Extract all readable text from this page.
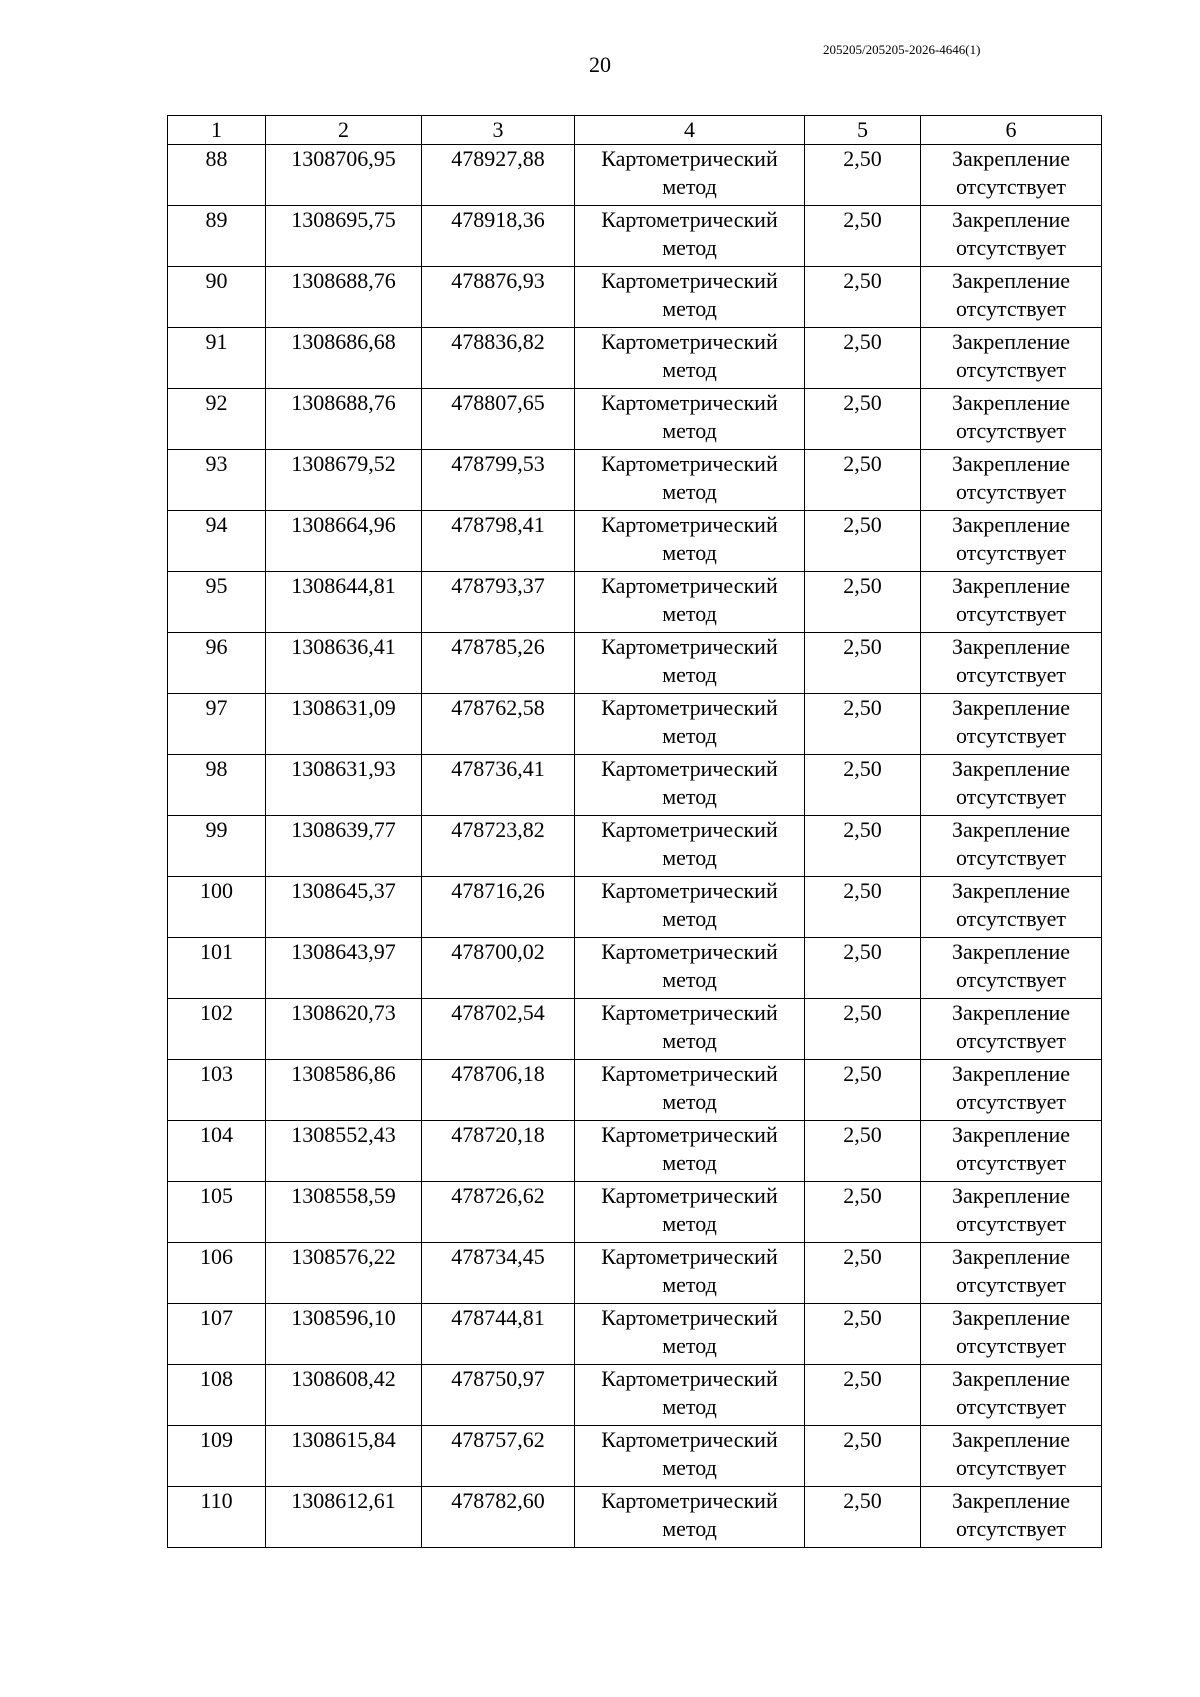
20
205205/205205-2026-4646(1)
1	2	3	4	5	6
88	1308706,95	478927,88	Картометрический
метод	2,50	Закрепление
отсутствует

89	1308695,75	478918,36	Картометрический
метод	2,50	Закрепление
отсутствует

90	1308688,76	478876,93	Картометрический
метод	2,50	Закрепление
отсутствует

91	1308686,68	478836,82	Картометрический
метод	2,50	Закрепление
отсутствует

92	1308688,76	478807,65	Картометрический
метод	2,50	Закрепление
отсутствует

93	1308679,52	478799,53	Картометрический
метод	2,50	Закрепление
отсутствует

94	1308664,96	478798,41	Картометрический
метод	2,50	Закрепление
отсутствует

95	1308644,81	478793,37	Картометрический
метод	2,50	Закрепление
отсутствует

96	1308636,41	478785,26	Картометрический
метод	2,50	Закрепление
отсутствует

97	1308631,09	478762,58	Картометрический
метод	2,50	Закрепление
отсутствует

98	1308631,93	478736,41	Картометрический
метод	2,50	Закрепление
отсутствует

99	1308639,77	478723,82	Картометрический
метод	2,50	Закрепление
отсутствует

100	1308645,37	478716,26	Картометрический
метод	2,50	Закрепление
отсутствует

101	1308643,97	478700,02	Картометрический
метод	2,50	Закрепление
отсутствует

102	1308620,73	478702,54	Картометрический
метод	2,50	Закрепление
отсутствует

103	1308586,86	478706,18	Картометрический
метод	2,50	Закрепление
отсутствует

104	1308552,43	478720,18	Картометрический
метод	2,50	Закрепление
отсутствует

105	1308558,59	478726,62	Картометрический
метод	2,50	Закрепление
отсутствует

106	1308576,22	478734,45	Картометрический
метод	2,50	Закрепление
отсутствует

107	1308596,10	478744,81	Картометрический
метод	2,50	Закрепление
отсутствует

108	1308608,42	478750,97	Картометрический
метод	2,50	Закрепление
отсутствует

109	1308615,84	478757,62	Картометрический
метод	2,50	Закрепление
отсутствует

110	1308612,61	478782,60	Картометрический
метод	2,50	Закрепление
отсутствует
